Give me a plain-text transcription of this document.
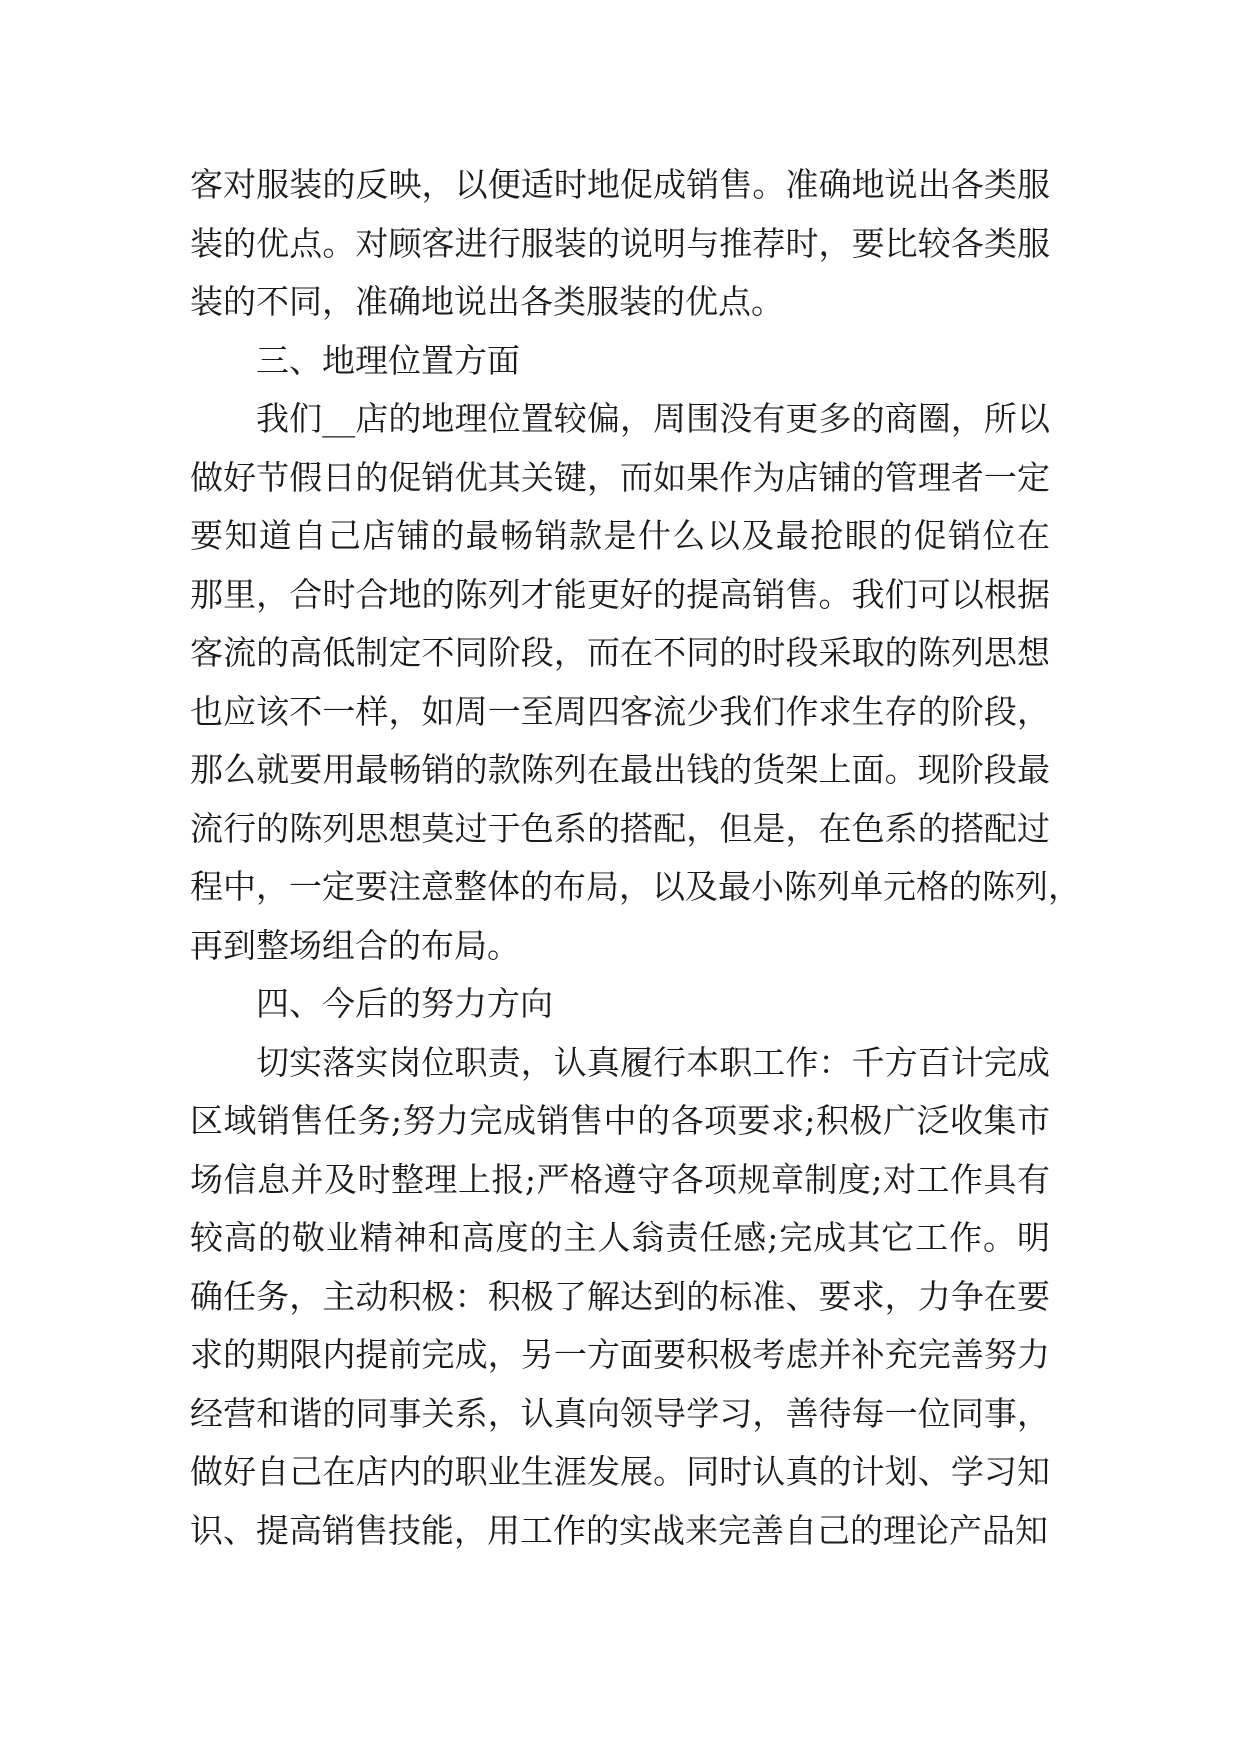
客对服装的反映，以便适时地促成销售。准确地说出各类服
装的优点。对顾客进行服装的说明与推荐时，要比较各类服
装的不同，准确地说出各类服装的优点。
三、地理位置方面
我们__店的地理位置较偏，周围没有更多的商圈，所以
做好节假日的促销优其关键，而如果作为店铺的管理者一定
要知道自己店铺的最畅销款是什么以及最抢眼的促销位在
那里，合时合地的陈列才能更好的提高销售。我们可以根据
客流的高低制定不同阶段，而在不同的时段采取的陈列思想
也应该不一样，如周一至周四客流少我们作求生存的阶段，
那么就要用最畅销的款陈列在最出钱的货架上面。现阶段最
流行的陈列思想莫过于色系的搭配，但是，在色系的搭配过
程中，一定要注意整体的布局，以及最小陈列单元格的陈列，
再到整场组合的布局。
四、今后的努力方向
切实落实岗位职责，认真履行本职工作：千方百计完成
区域销售任务;努力完成销售中的各项要求;积极广泛收集市
场信息并及时整理上报;严格遵守各项规章制度;对工作具有
较高的敬业精神和高度的主人翁责任感;完成其它工作。明
确任务，主动积极：积极了解达到的标准、要求，力争在要
求的期限内提前完成，另一方面要积极考虑并补充完善努力
经营和谐的同事关系，认真向领导学习，善待每一位同事，
做好自己在店内的职业生涯发展。同时认真的计划、学习知
识、提高销售技能，用工作的实战来完善自己的理论产品知
